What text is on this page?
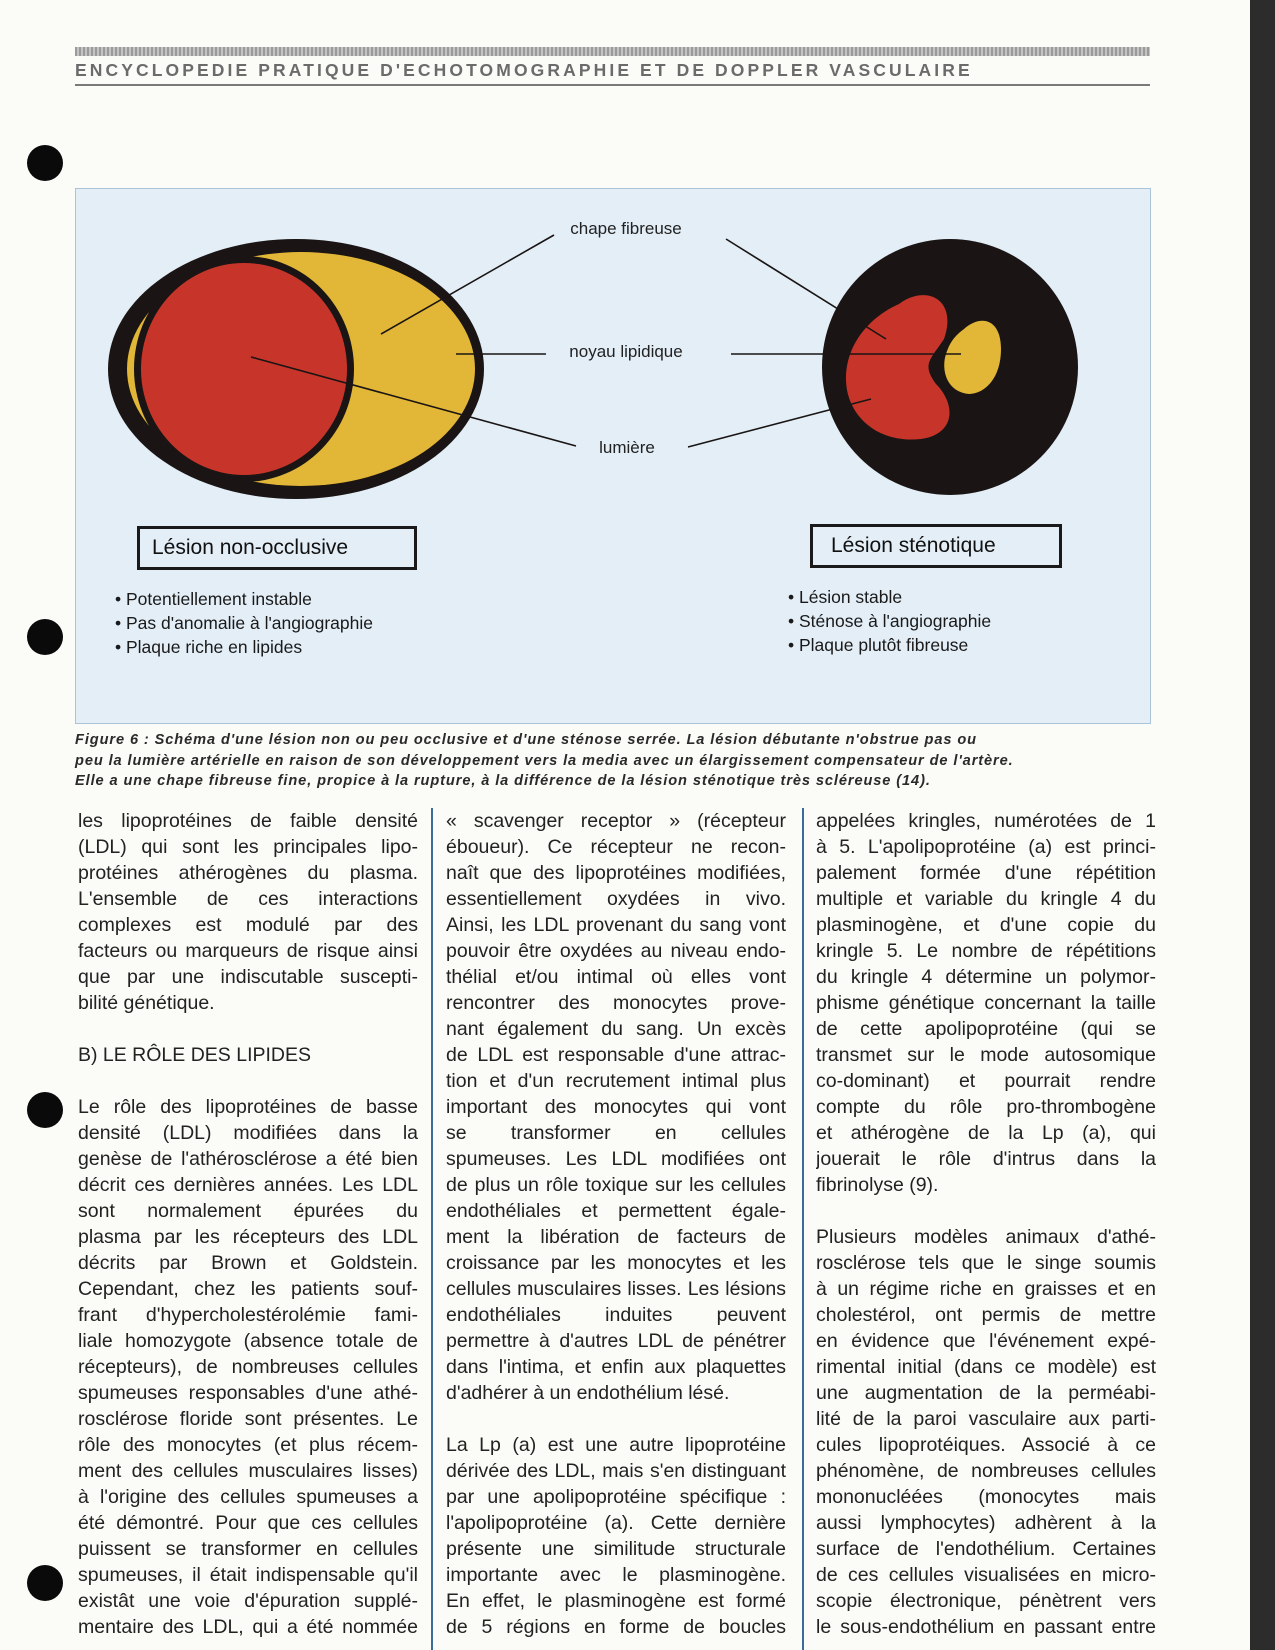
ENCYCLOPEDIE PRATIQUE D'ECHOTOMOGRAPHIE ET DE DOPPLER VASCULAIRE
chape fibreuse
noyau lipidique
lumière
Lésion non-occlusive
• Potentiellement instable
• Pas d'anomalie à l'angiographie
• Plaque riche en lipides
Lésion sténotique
• Lésion stable
• Sténose à l'angiographie
• Plaque plutôt fibreuse
Figure 6 : Schéma d'une lésion non ou peu occlusive et d'une sténose serrée. La lésion débutante n'obstrue pas ou
peu la lumière artérielle en raison de son développement vers la media avec un élargissement compensateur de l'artère.
Elle a une chape fibreuse fine, propice à la rupture, à la différence de la lésion sténotique très scléreuse (14).
les lipoprotéines de faible densité
(LDL) qui sont les principales lipo-
protéines athérogènes du plasma.
L'ensemble de ces interactions
complexes est modulé par des
facteurs ou marqueurs de risque ainsi
que par une indiscutable suscepti-
bilité génétique.
B) LE RÔLE DES LIPIDES
Le rôle des lipoprotéines de basse
densité (LDL) modifiées dans la
genèse de l'athérosclérose a été bien
décrit ces dernières années. Les LDL
sont normalement épurées du
plasma par les récepteurs des LDL
décrits par Brown et Goldstein.
Cependant, chez les patients souf-
frant d'hypercholestérolémie fami-
liale homozygote (absence totale de
récepteurs), de nombreuses cellules
spumeuses responsables d'une athé-
rosclérose floride sont présentes. Le
rôle des monocytes (et plus récem-
ment des cellules musculaires lisses)
à l'origine des cellules spumeuses a
été démontré. Pour que ces cellules
puissent se transformer en cellules
spumeuses, il était indispensable qu'il
existât une voie d'épuration supplé-
mentaire des LDL, qui a été nommée
« scavenger receptor » (récepteur
éboueur). Ce récepteur ne recon-
naît que des lipoprotéines modifiées,
essentiellement oxydées in vivo.
Ainsi, les LDL provenant du sang vont
pouvoir être oxydées au niveau endo-
thélial et/ou intimal où elles vont
rencontrer des monocytes prove-
nant également du sang. Un excès
de LDL est responsable d'une attrac-
tion et d'un recrutement intimal plus
important des monocytes qui vont
se transformer en cellules
spumeuses. Les LDL modifiées ont
de plus un rôle toxique sur les cellules
endothéliales et permettent égale-
ment la libération de facteurs de
croissance par les monocytes et les
cellules musculaires lisses. Les lésions
endothéliales induites peuvent
permettre à d'autres LDL de pénétrer
dans l'intima, et enfin aux plaquettes
d'adhérer à un endothélium lésé.
La Lp (a) est une autre lipoprotéine
dérivée des LDL, mais s'en distinguant
par une apolipoprotéine spécifique :
l'apolipoprotéine (a). Cette dernière
présente une similitude structurale
importante avec le plasminogène.
En effet, le plasminogène est formé
de 5 régions en forme de boucles
appelées kringles, numérotées de 1
à 5. L'apolipoprotéine (a) est princi-
palement formée d'une répétition
multiple et variable du kringle 4 du
plasminogène, et d'une copie du
kringle 5. Le nombre de répétitions
du kringle 4 détermine un polymor-
phisme génétique concernant la taille
de cette apolipoprotéine (qui se
transmet sur le mode autosomique
co-dominant) et pourrait rendre
compte du rôle pro-thrombogène
et athérogène de la Lp (a), qui
jouerait le rôle d'intrus dans la
fibrinolyse (9).
Plusieurs modèles animaux d'athé-
rosclérose tels que le singe soumis
à un régime riche en graisses et en
cholestérol, ont permis de mettre
en évidence que l'événement expé-
rimental initial (dans ce modèle) est
une augmentation de la perméabi-
lité de la paroi vasculaire aux parti-
cules lipoprotéiques. Associé à ce
phénomène, de nombreuses cellules
mononucléées (monocytes mais
aussi lymphocytes) adhèrent à la
surface de l'endothélium. Certaines
de ces cellules visualisées en micro-
scopie électronique, pénètrent vers
le sous-endothélium en passant entre
